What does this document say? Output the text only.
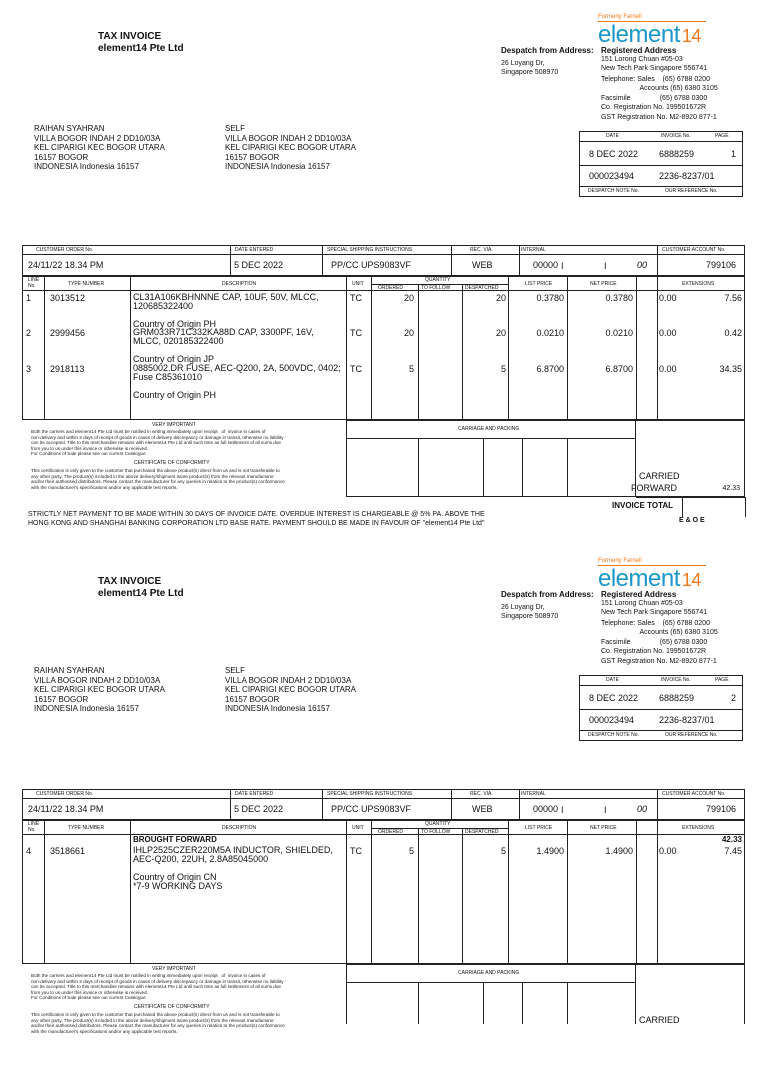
TAX INVOICE
element14 Pte Ltd
Formerly Farnell
element 14
Despatch from Address: Registered Address
26 Loyang Dr,
Singapore 508970
151 Lorong Chuan #05-03
New Tech Park Singapore 556741
Telephone: Sales    (65) 6788 0200
Accounts (65) 6380 3105
Facsimile               (65) 6788 0300
Co. Registration No. 199501672R
GST Registration No. M2-8920 877-1
RAIHAN SYAHRAN
VILLA BOGOR INDAH 2 DD10/03A
KEL CIPARIGI KEC BOGOR UTARA
16157 BOGOR
INDONESIA Indonesia 16157
SELF
VILLA BOGOR INDAH 2 DD10/03A
KEL CIPARIGI KEC BOGOR UTARA
16157 BOGOR
INDONESIA Indonesia 16157
DATE	INVOICE No.	PAGE
8 DEC 2022 6888259	1
000023494	2236-8237/01
DESPATCH NOTE No.	OUR REFERENCE No.
CUSTOMER ORDER No.	DATE ENTERED	SPECIAL SHIPPING INSTRUCTIONS	REC. VIA.	INTERNAL	CUSTOMER ACCOUNT No.
24/11/22 18.34 PM	5 DEC 2022	PP/CC UPS9083VF	WEB	00000 I	I	00	799106
LINE
No.	TYPE NUMBER	DESCRIPTION	UNIT
QUANTITY
ORDERED	TO FOLLOW	DESPATCHED
LIST PRICE	NET PRICE	EXTENSIONS
1 3013512	CL31A106KBHNNNE CAP, 10UF, 50V, MLCC,
120685322400

Country of Origin PH
TC	20	20	0.3780	0.3780	0.00	7.56
2 2999456	GRM033R71C332KA88D CAP, 3300PF, 16V,
MLCC, 020185322400

Country of Origin JP
TC	20	20	0.0210	0.0210	0.00	0.42
3 2918113	0885002.DR FUSE, AEC-Q200, 2A, 500VDC, 0402;
Fuse C85361010

Country of Origin PH
TC	5	5	6.8700	6.8700	0.00	34.35
VERY IMPORTANT
Both the carriers and element14 Pte Ltd must be notified in writing immediately upon receipt   of  invoice in cases of
non-delivery and within 3 days of receipt of goods in cases of delivery discrepancy or damage in transit, otherwise no liability
can be accepted. Title to this merchandise remains with element14 Pte Ltd until such time as full settlement of all sums due
from you to us under this invoice or otherwise is received.
For Conditions of Sale please see our current Catalogue
CERTIFICATE OF CONFORMITY
This certification is only given to the customer that purchased the above product(s) direct from us and is not transferable to
any other party. The product(s) included in the above delivery/shipment is/are product(s) from the relevant manufacturer
and/or their authorised distributors. Please contact the manufacturer for any queries in relation to the product(s) conformance
with the manufacturer's specifications and/or any applicable test reports.
CARRIAGE AND PACKING
CARRIED
FORWARD	42.33
INVOICE TOTAL
E & O E
STRICTLY NET PAYMENT TO BE MADE WITHIN 30 DAYS OF INVOICE DATE. OVERDUE INTEREST IS CHARGEABLE @ 5% PA. ABOVE THE
HONG KONG AND SHANGHAI BANKING CORPORATION LTD BASE RATE. PAYMENT SHOULD BE MADE IN FAVOUR OF "element14 Pte Ltd"
TAX INVOICE
element14 Pte Ltd
Formerly Farnell
element 14
Despatch from Address: Registered Address
26 Loyang Dr,
Singapore 508970
151 Lorong Chuan #05-03
New Tech Park Singapore 556741
Telephone: Sales    (65) 6788 0200
Accounts (65) 6380 3105
Facsimile               (65) 6788 0300
Co. Registration No. 199501672R
GST Registration No. M2-8920 877-1
RAIHAN SYAHRAN
VILLA BOGOR INDAH 2 DD10/03A
KEL CIPARIGI KEC BOGOR UTARA
16157 BOGOR
INDONESIA Indonesia 16157
SELF
VILLA BOGOR INDAH 2 DD10/03A
KEL CIPARIGI KEC BOGOR UTARA
16157 BOGOR
INDONESIA Indonesia 16157
DATE	INVOICE No.	PAGE
8 DEC 2022 6888259	2
000023494	2236-8237/01
DESPATCH NOTE No.	OUR REFERENCE No.
CUSTOMER ORDER No.	DATE ENTERED	SPECIAL SHIPPING INSTRUCTIONS	REC. VIA.	INTERNAL	CUSTOMER ACCOUNT No.
24/11/22 18.34 PM	5 DEC 2022	PP/CC UPS9083VF	WEB	00000 I	I	00	799106
LINE
No.	TYPE NUMBER	DESCRIPTION	UNIT
QUANTITY
ORDERED	TO FOLLOW	DESPATCHED
LIST PRICE	NET PRICE	EXTENSIONS
BROUGHT FORWARD	42.33
4 3518661	IHLP2525CZER220M5A INDUCTOR, SHIELDED,
AEC-Q200, 22UH, 2.8A85045000

Country of Origin CN
*7-9 WORKING DAYS
TC	5	5	1.4900	1.4900	0.00	7.45
VERY IMPORTANT
Both the carriers and element14 Pte Ltd must be notified in writing immediately upon receipt   of  invoice in cases of
non-delivery and within 3 days of receipt of goods in cases of delivery discrepancy or damage in transit, otherwise no liability
can be accepted. Title to this merchandise remains with element14 Pte Ltd until such time as full settlement of all sums due
from you to us under this invoice or otherwise is received.
For Conditions of Sale please see our current Catalogue
CERTIFICATE OF CONFORMITY
This certification is only given to the customer that purchased the above product(s) direct from us and is not transferable to
any other party. The product(s) included in the above delivery/shipment is/are product(s) from the relevant manufacturer
and/or their authorised distributors. Please contact the manufacturer for any queries in relation to the product(s) conformance
with the manufacturer's specifications and/or any applicable test reports.
CARRIAGE AND PACKING
CARRIED
